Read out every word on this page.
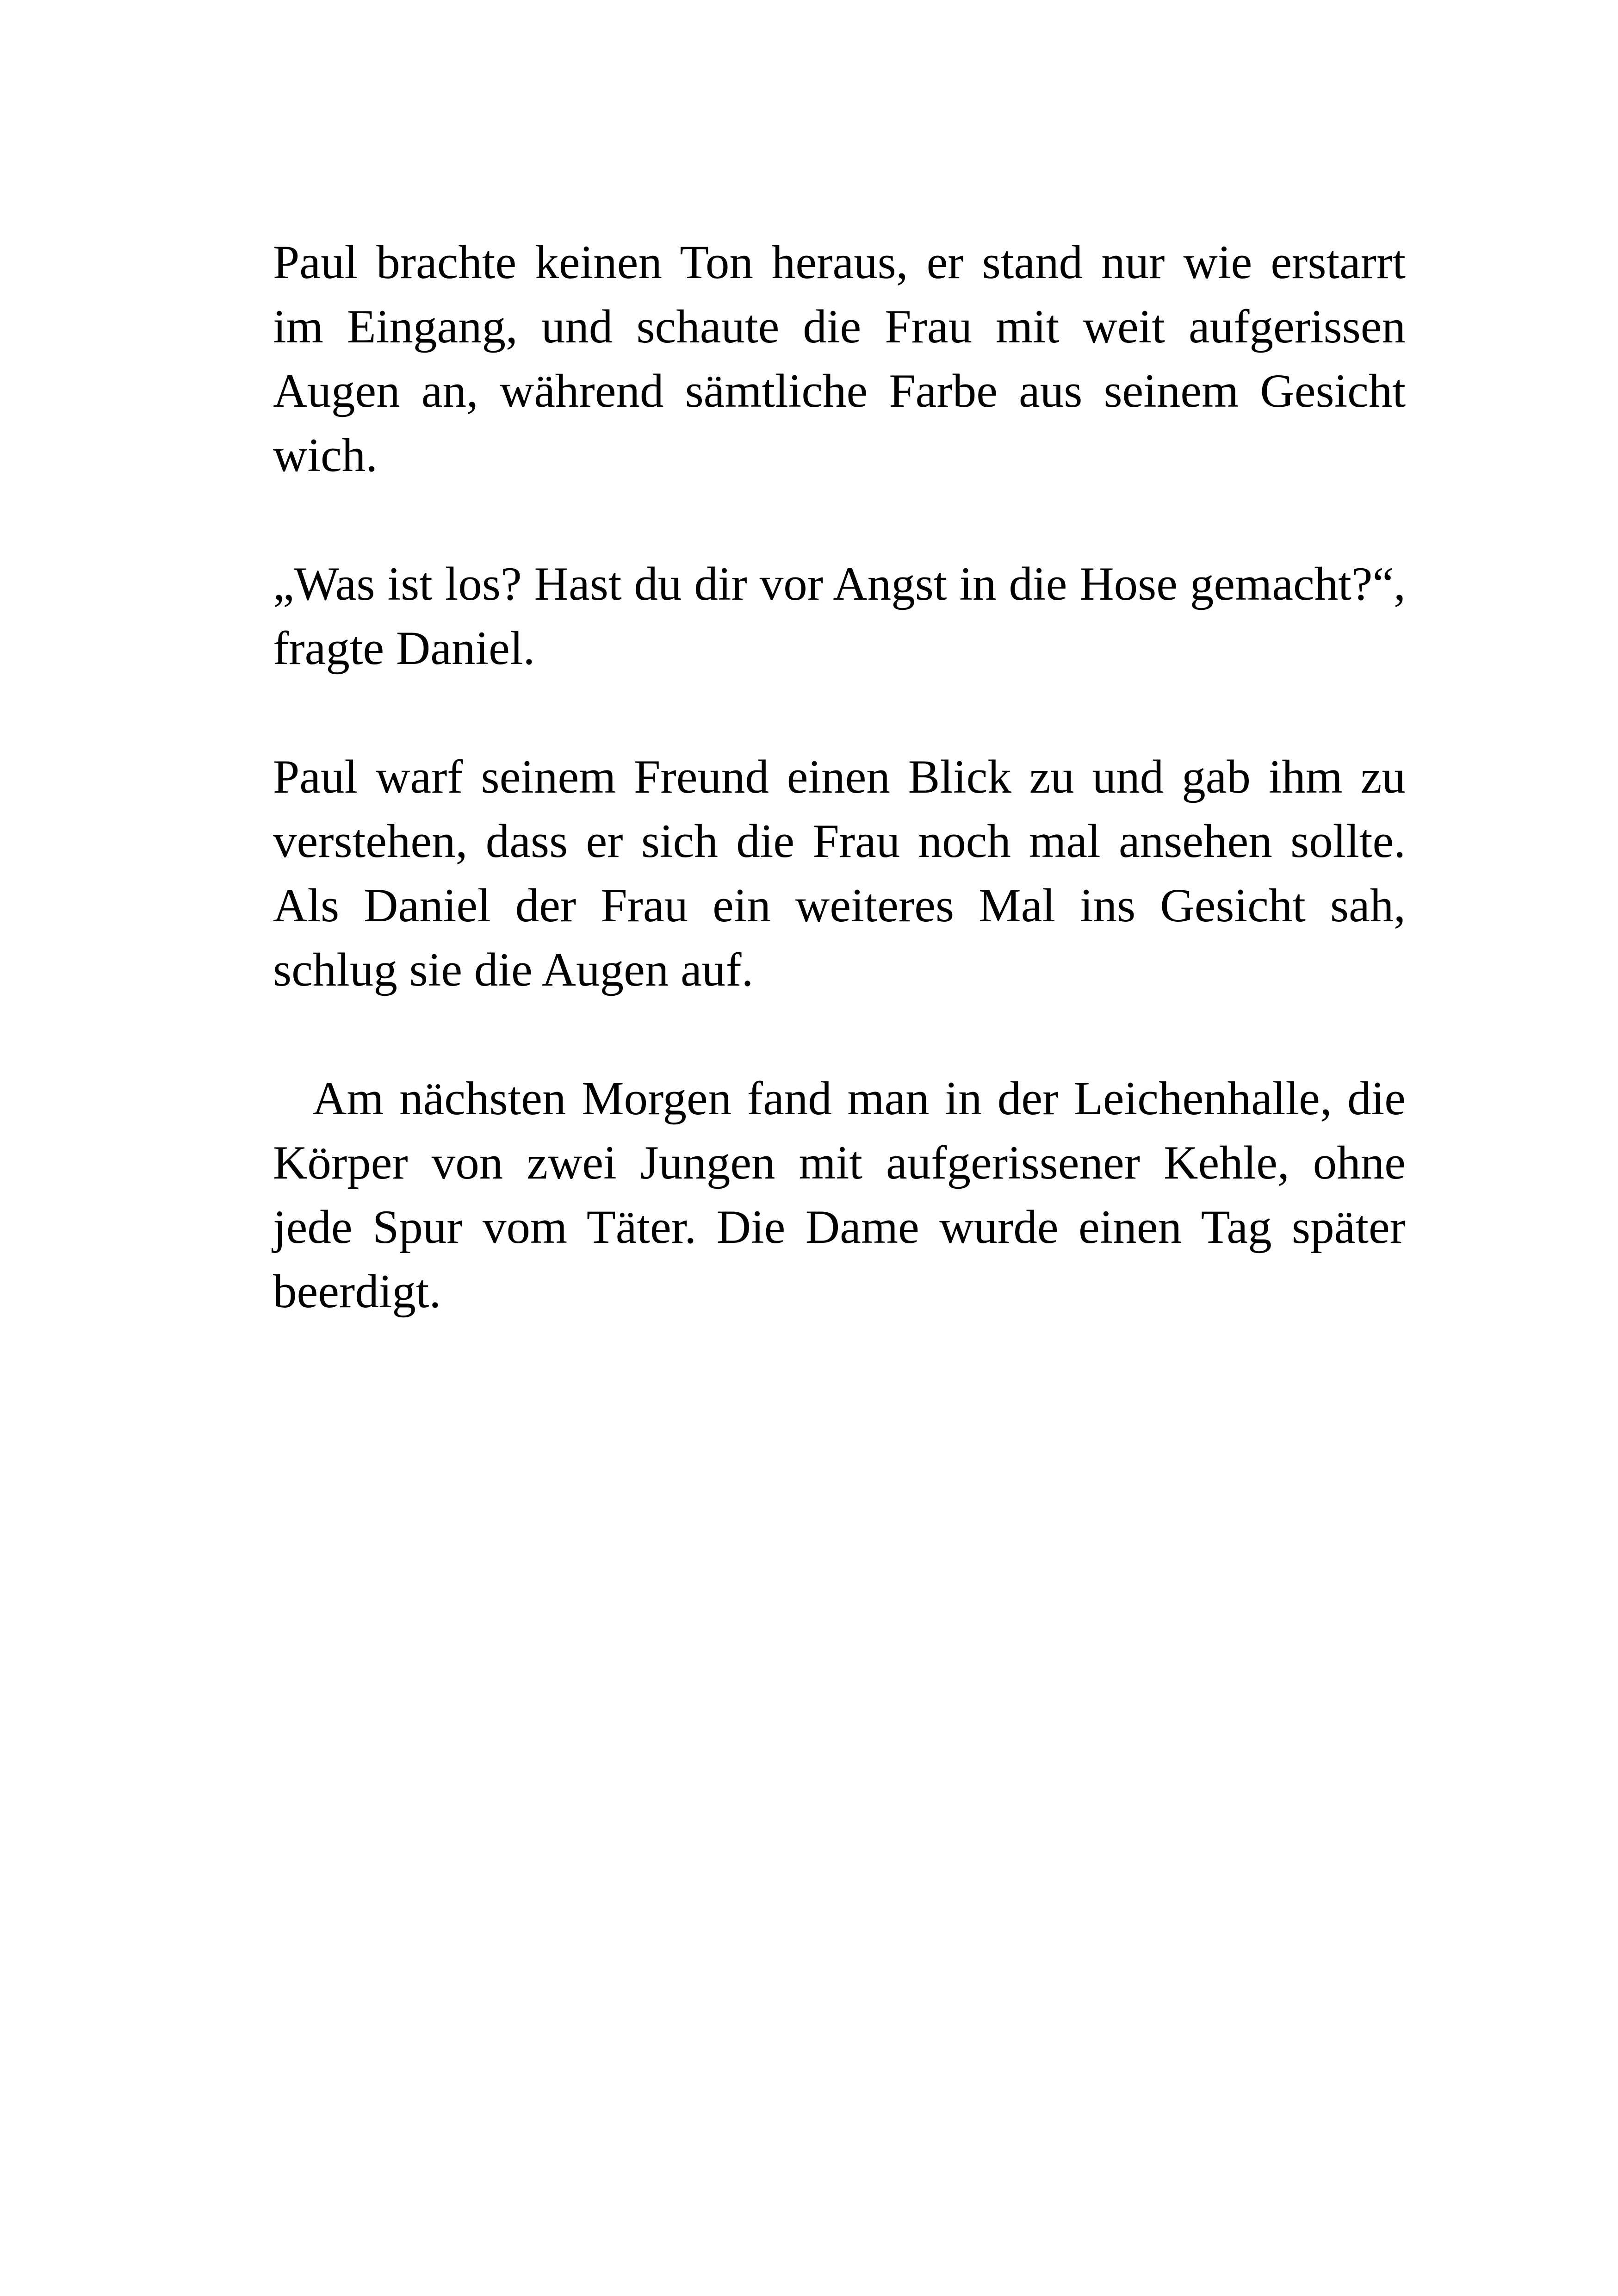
Paul brachte keinen Ton heraus, er stand nur wie erstarrt im Eingang, und schaute die Frau mit weit aufgerissen Augen an, während sämtliche Farbe aus seinem Gesicht wich.

„Was ist los? Hast du dir vor Angst in die Hose gemacht?“, fragte Daniel.

Paul warf seinem Freund einen Blick zu und gab ihm zu verstehen, dass er sich die Frau noch mal ansehen sollte. Als Daniel der Frau ein weiteres Mal ins Gesicht sah, schlug sie die Augen auf.

Am nächsten Morgen fand man in der Leichenhalle, die Körper von zwei Jungen mit aufgerissener Kehle, ohne jede Spur vom Täter. Die Dame wurde einen Tag später beerdigt.
